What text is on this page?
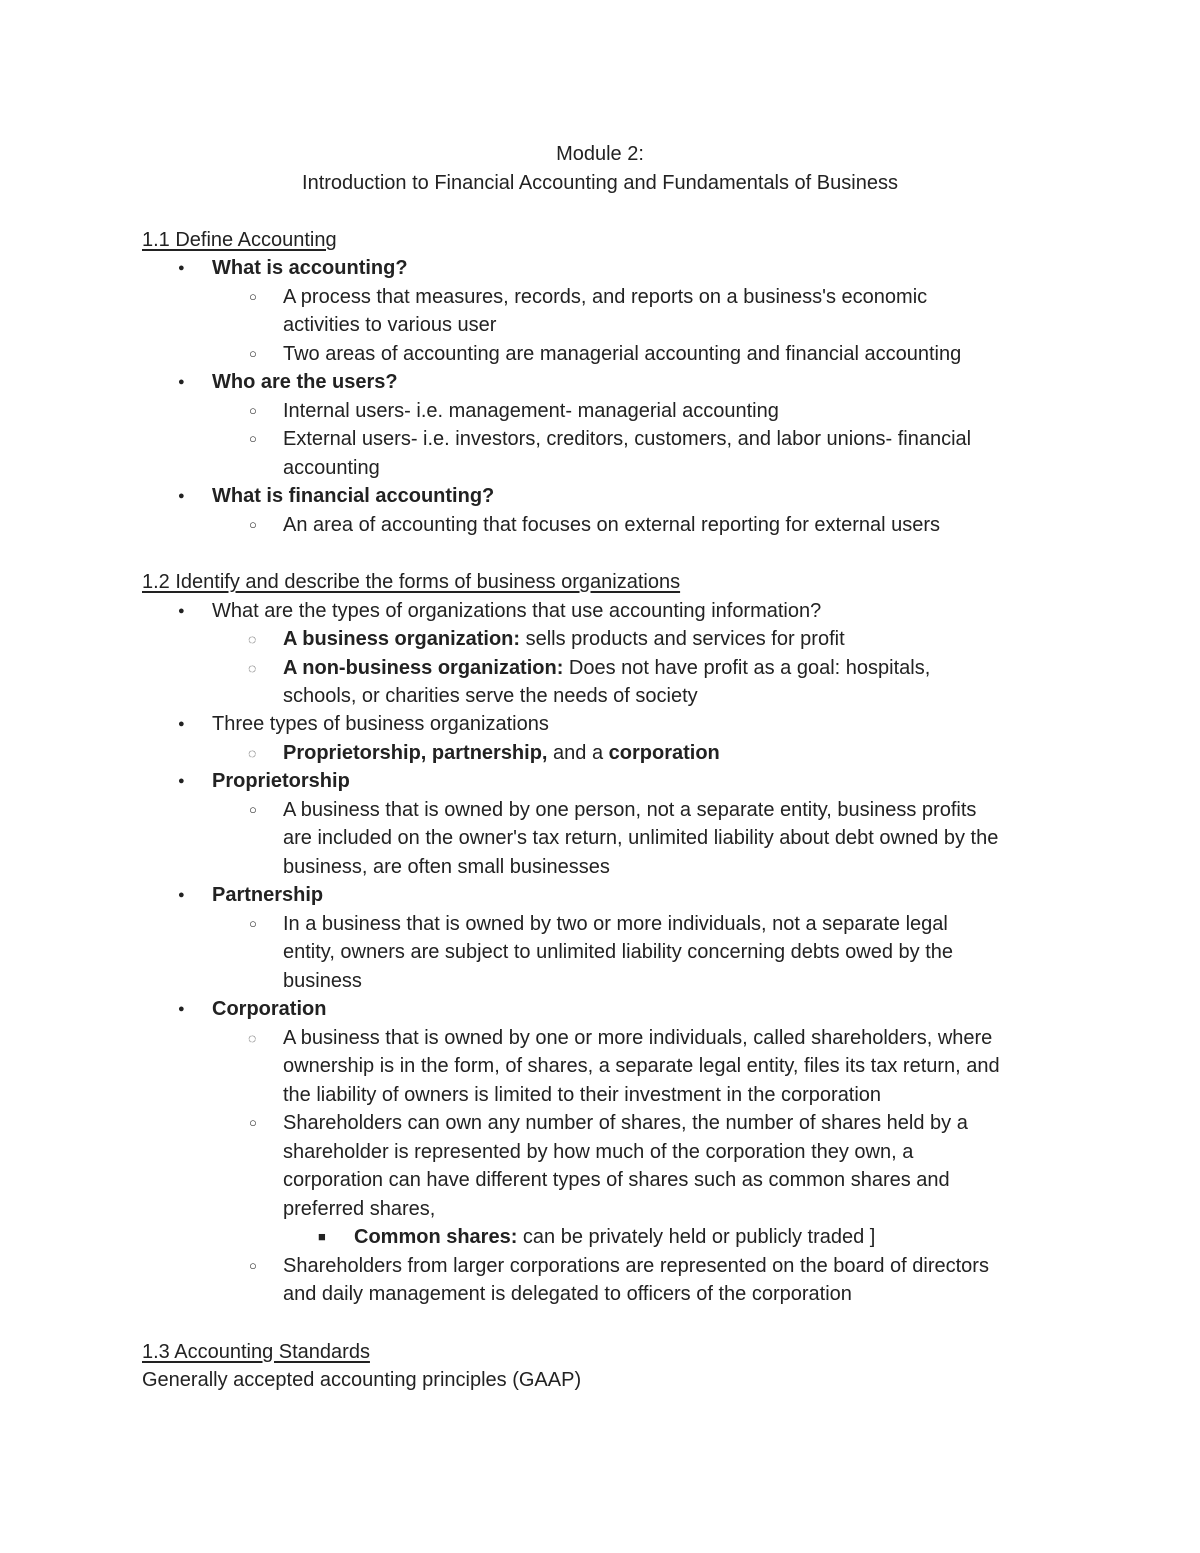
Module 2:
Introduction to Financial Accounting and Fundamentals of Business
1.1 Define Accounting
● What is accounting?
○ A process that measures, records, and reports on a business's economic
activities to various user
○ Two areas of accounting are managerial accounting and financial accounting
● Who are the users?
○ Internal users- i.e. management- managerial accounting
○ External users- i.e. investors, creditors, customers, and labor unions- financial
accounting
● What is financial accounting?
○ An area of accounting that focuses on external reporting for external users
1.2 Identify and describe the forms of business organizations
● What are the types of organizations that use accounting information?
◌ A business organization: sells products and services for profit
◌ A non-business organization: Does not have profit as a goal: hospitals,
schools, or charities serve the needs of society
● Three types of business organizations
◌ Proprietorship, partnership, and a corporation
● Proprietorship
○ A business that is owned by one person, not a separate entity, business profits
are included on the owner's tax return, unlimited liability about debt owned by the
business, are often small businesses
● Partnership
○ In a business that is owned by two or more individuals, not a separate legal
entity, owners are subject to unlimited liability concerning debts owed by the
business
● Corporation
◌ A business that is owned by one or more individuals, called shareholders, where
ownership is in the form, of shares, a separate legal entity, files its tax return, and
the liability of owners is limited to their investment in the corporation
○ Shareholders can own any number of shares, the number of shares held by a
shareholder is represented by how much of the corporation they own, a
corporation can have different types of shares such as common shares and
preferred shares,
■ Common shares: can be privately held or publicly traded ]
○ Shareholders from larger corporations are represented on the board of directors
and daily management is delegated to officers of the corporation
1.3 Accounting Standards
Generally accepted accounting principles (GAAP)
